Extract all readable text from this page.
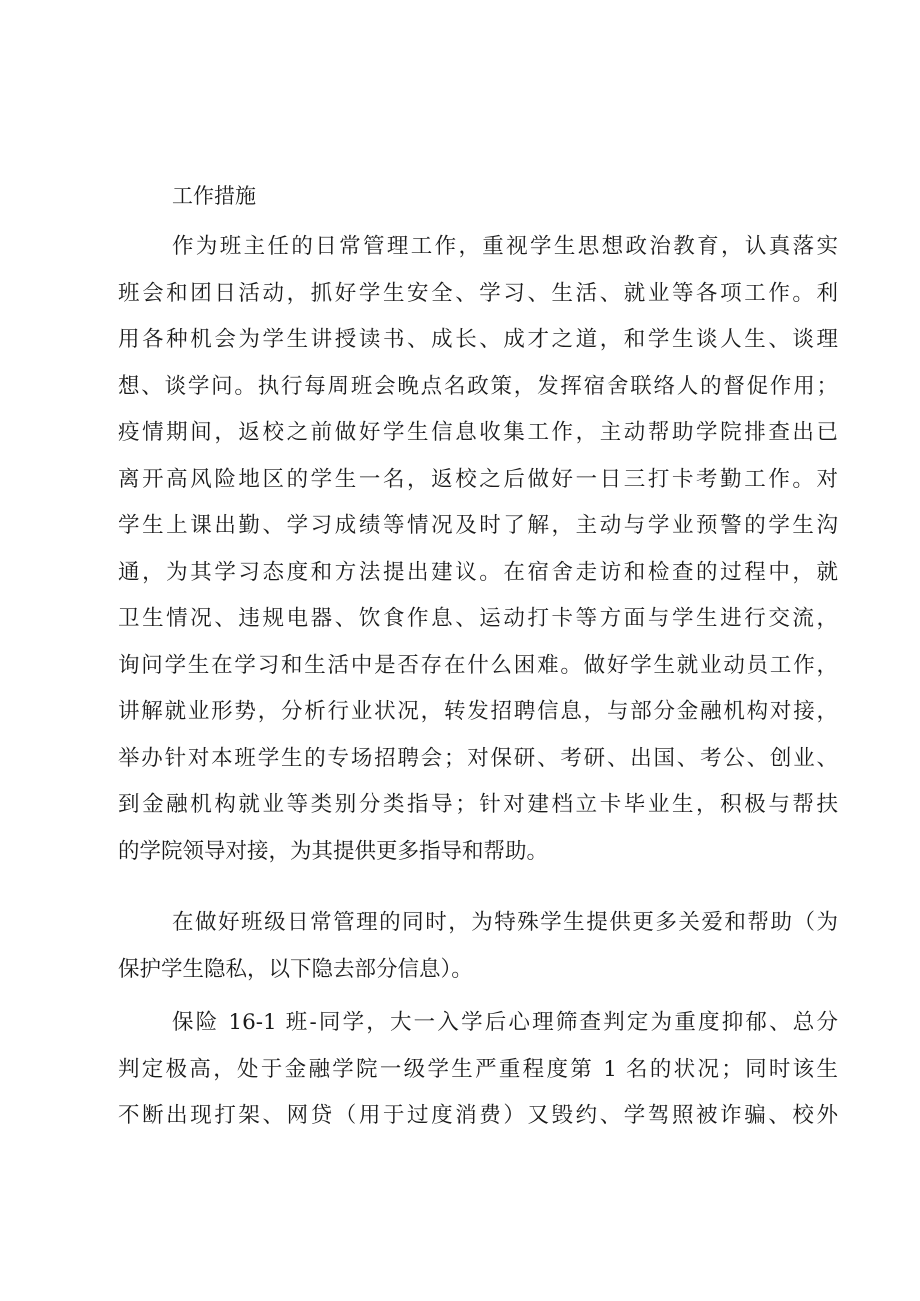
工作措施
作为班主任的日常管理工作，重视学生思想政治教育，认真落实
班会和团日活动，抓好学生安全、学习、生活、就业等各项工作。利
用各种机会为学生讲授读书、成长、成才之道，和学生谈人生、谈理
想、谈学问。执行每周班会晚点名政策，发挥宿舍联络人的督促作用；
疫情期间，返校之前做好学生信息收集工作，主动帮助学院排查出已
离开高风险地区的学生一名，返校之后做好一日三打卡考勤工作。对
学生上课出勤、学习成绩等情况及时了解，主动与学业预警的学生沟
通，为其学习态度和方法提出建议。在宿舍走访和检查的过程中，就
卫生情况、违规电器、饮食作息、运动打卡等方面与学生进行交流，
询问学生在学习和生活中是否存在什么困难。做好学生就业动员工作，
讲解就业形势，分析行业状况，转发招聘信息，与部分金融机构对接，
举办针对本班学生的专场招聘会；对保研、考研、出国、考公、创业、
到金融机构就业等类别分类指导；针对建档立卡毕业生，积极与帮扶
的学院领导对接，为其提供更多指导和帮助。
在做好班级日常管理的同时，为特殊学生提供更多关爱和帮助（为
保护学生隐私，以下隐去部分信息）。
保险 16-1 班-同学，大一入学后心理筛查判定为重度抑郁、总分
判定极高，处于金融学院一级学生严重程度第 1 名的状况；同时该生
不断出现打架、网贷（用于过度消费）又毁约、学驾照被诈骗、校外
